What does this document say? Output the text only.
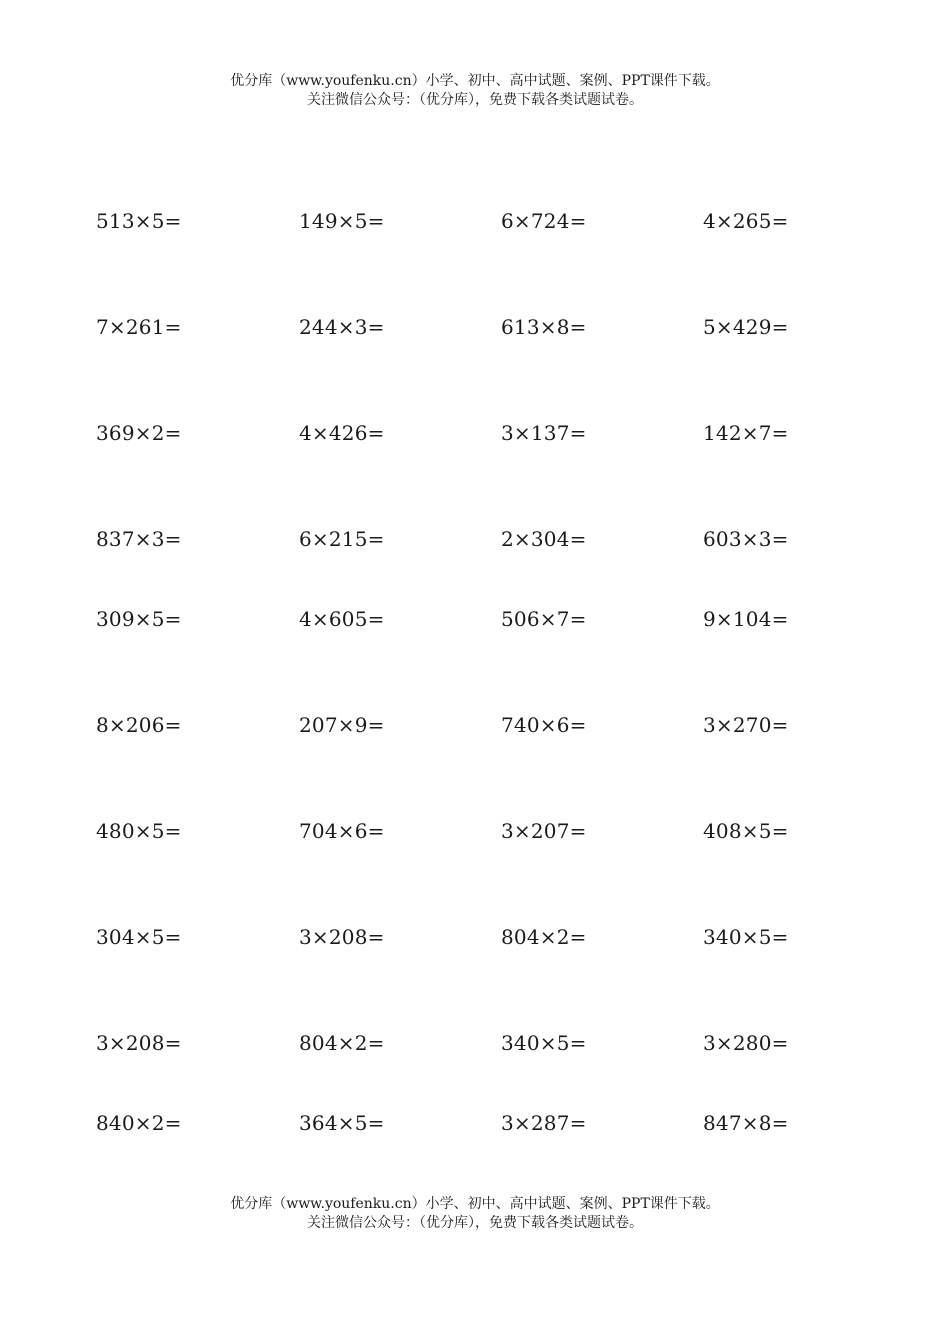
优分库（www.youfenku.cn）小学、初中、高中试题、案例、PPT课件下载。
关注微信公众号：（优分库），免费下载各类试题试卷。
513×5=	149×5=	6×724=	4×265=
7×261=	244×3=	613×8=	5×429=
369×2=	4×426=	3×137=	142×7=
837×3=	6×215=	2×304=	603×3=
309×5=	4×605=	506×7=	9×104=
8×206=	207×9=	740×6=	3×270=
480×5=	704×6=	3×207=	408×5=
304×5=	3×208=	804×2=	340×5=
3×208=	804×2=	340×5=	3×280=
840×2=	364×5=	3×287=	847×8=
优分库（www.youfenku.cn）小学、初中、高中试题、案例、PPT课件下载。
关注微信公众号：（优分库），免费下载各类试题试卷。
